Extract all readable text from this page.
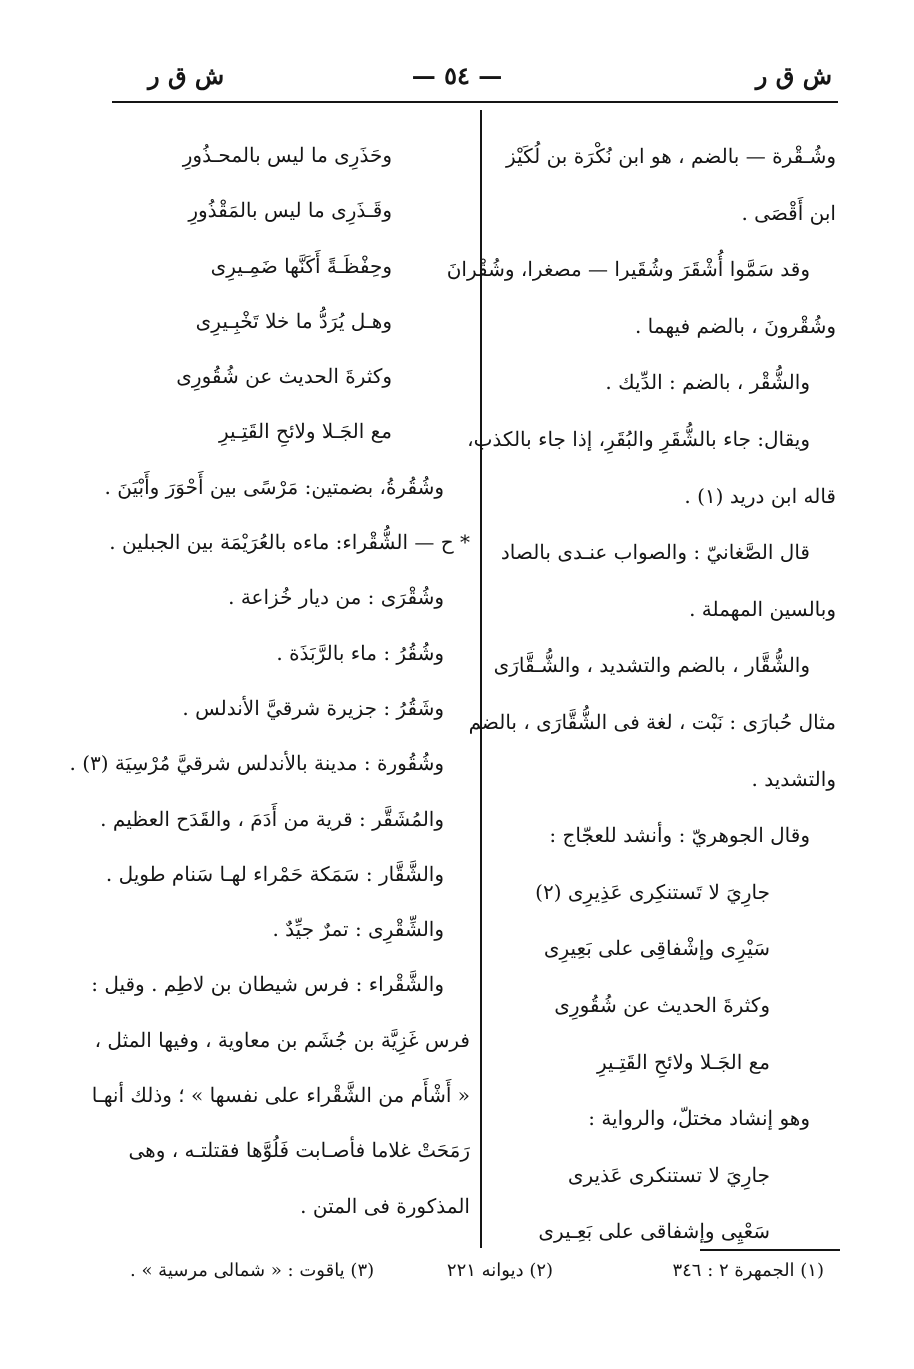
ش ق ر
— ٥٤ —
ش ق ر
وشُـقْرة — بالضم ، هو ابن نُكْرَة بن لُكَيْز
ابن أَقْصَى .
وقد سَمَّوا أُشْقَرَ وشُقَيرا — مصغرا، وشُقْرانَ
وشُقْرونَ ، بالضم فيهما .
والشُّقْر ، بالضم : الدِّيك .
ويقال: جاء بالشُّقَرِ والبُقَرِ، إذا جاء بالكذب،
قاله ابن دريد (١) .
قال الصَّغانيّ : والصواب عنـدى بالصاد
وبالسين المهملة .
والشُّقَّار ، بالضم والتشديد ، والشُّـقَّارَى
مثال حُبارَى : نَبْت ، لغة فى الشُّقَّارَى ، بالضم
والتشديد .
وقال الجوهريّ : وأنشد للعجّاج :
جارِيَ لا تَستنكِرى عَذِيرِى (٢)
سَيْرِى وإشْفاقِى على بَعِيرِى
وكثرةَ الحديث عن شُقُورِى
مع الجَـلا ولائحِ القَتِـيرِ
وهو إنشاد مختلّ، والرواية :
جارِيَ لا تستنكرى عَذيرى
سَعْيِى وإشفاقى على بَعِـيرى
وحَذَرِى ما ليس بالمحـذُورِ
وقَـذَرِى ما ليس بالمَقْذُورِ
وحِفْظَـةً أَكَنَّها ضَمِـيرِى
وهـل يُرَدُّ ما خلا تَخْبِـيرِى
وكثرةَ الحديث عن شُقُورِى
مع الجَـلا ولائحِ القَتِـيرِ
وشُقُرةُ، بضمتين: مَرْسًى بين أَحْوَرَ وأَبْيَنَ .
* ح — الشُّقْراء: ماءه بالعُرَيْمَة بين الجبلين .
وشُقْرَى : من ديار خُزاعة .
وشُقُرُ : ماء بالرَّبَذَة .
وشَقُرُ : جزيرة شرقيَّ الأندلس .
وشُقُورة : مدينة بالأندلس شرقيَّ مُرْسِيَة (٣) .
والمُشَقَّر : قرية من أَدَمَ ، والقَدَح العظيم .
والشَّقَّار : سَمَكة حَمْراء لهـا سَنام طويل .
والشِّقْرِى : تمرٌ جيِّدٌ .
والشَّقْراء : فرس شيطان بن لاطِم . وقيل :
فرس غَزِيَّة بن جُشَم بن معاوية ، وفيها المثل ،
« أَشْأَم من الشَّقْراء على نفسها » ؛ وذلك أنهـا
رَمَحَتْ غلاما فأصـابت فَلُوَّها فقتلتـه ، وهى
المذكورة فى المتن .
(١) الجمهرة ٢ : ٣٤٦
(٢) ديوانه ٢٢١
(٣) ياقوت : « شمالى مرسية » .
